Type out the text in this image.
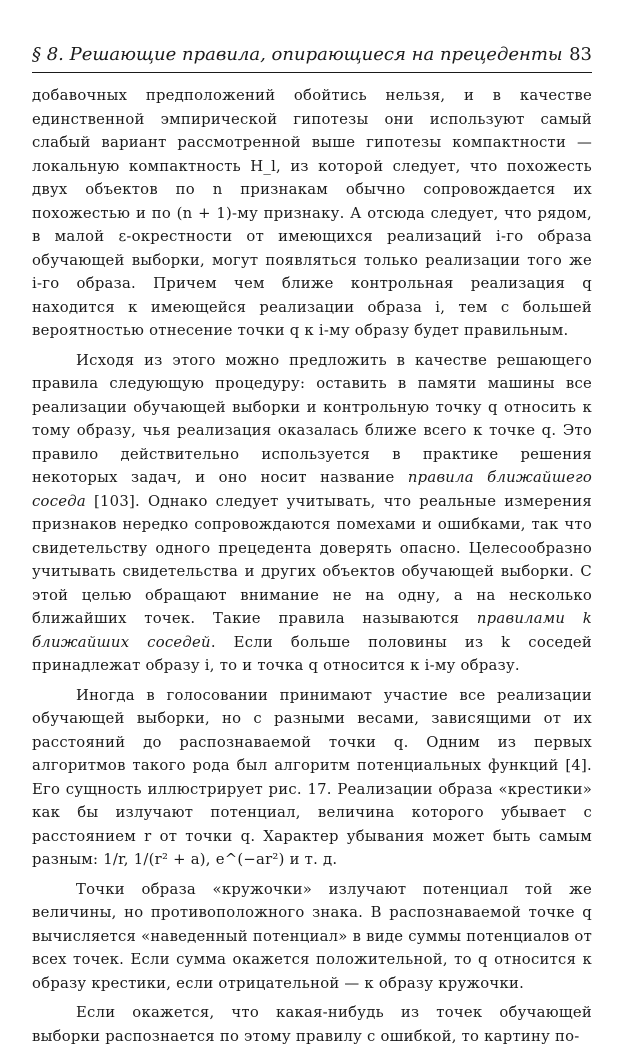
§ 8. Решающие правила, опирающиеся на прецеденты 83

добавочных предположений обойтись нельзя, и в качестве единственной эмпирической гипотезы они используют самый слабый вариант рассмотренной выше гипотезы компактности — локальную компактность H_l, из которой следует, что похожесть двух объектов по n признакам обычно сопровождается их похожестью и по (n + 1)-му признаку. А отсюда следует, что рядом, в малой ε-окрестности от имеющихся реализаций i-го образа обучающей выборки, могут появляться только реализации того же i-го образа. Причем чем ближе контрольная реализация q находится к имеющейся реализации образа i, тем с большей вероятностью отнесение точки q к i-му образу будет правильным.

Исходя из этого можно предложить в качестве решающего правила следующую процедуру: оставить в памяти машины все реализации обучающей выборки и контрольную точку q относить к тому образу, чья реализация оказалась ближе всего к точке q. Это правило действительно используется в практике решения некоторых задач, и оно носит название правила ближайшего соседа [103]. Однако следует учитывать, что реальные измерения признаков нередко сопровождаются помехами и ошибками, так что свидетельству одного прецедента доверять опасно. Целесообразно учитывать свидетельства и других объектов обучающей выборки. С этой целью обращают внимание не на одну, а на несколько ближайших точек. Такие правила называются правилами k ближайших соседей. Если больше половины из k соседей принадлежат образу i, то и точка q относится к i-му образу.

Иногда в голосовании принимают участие все реализации обучающей выборки, но с разными весами, зависящими от их расстояний до распознаваемой точки q. Одним из первых алгоритмов такого рода был алгоритм потенциальных функций [4]. Его сущность иллюстрирует рис. 17. Реализации образа «крестики» как бы излучают потенциал, величина которого убывает с расстоянием r от точки q. Характер убывания может быть самым разным: 1/r, 1/(r² + a), e^(−ar²) и т. д.

Точки образа «кружочки» излучают потенциал той же величины, но противоположного знака. В распознаваемой точке q вычисляется «наведенный потенциал» в виде суммы потенциалов от всех точек. Если сумма окажется положительной, то q относится к образу крестики, если отрицательной — к образу кружочки.

Если окажется, что какая-нибудь из точек обучающей выборки распознается по этому правилу с ошибкой, то картину по-
